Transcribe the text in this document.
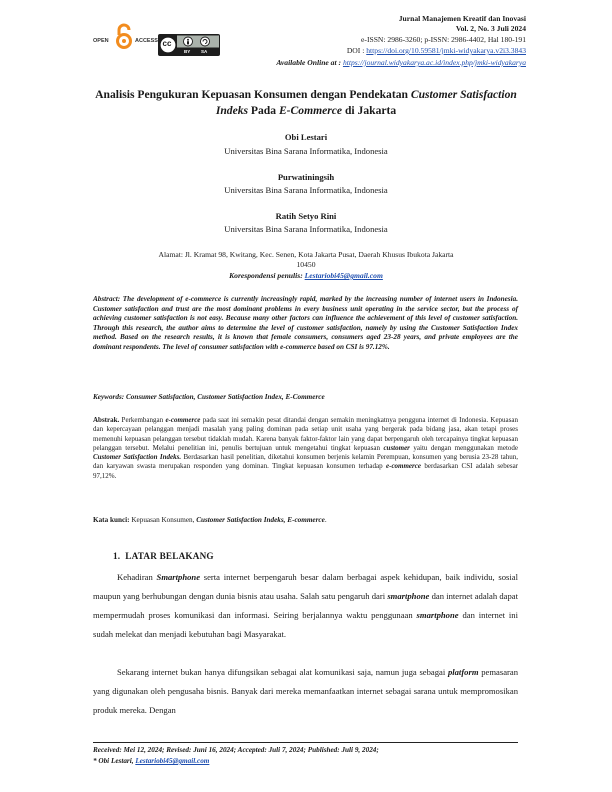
Jurnal Manajemen Kreatif dan Inovasi
Vol. 2, No. 3 Juli 2024
e-ISSN: 2986-3260; p-ISSN: 2986-4402, Hal 180-191
DOI : https://doi.org/10.59581/jmki-widyakarya.v2i3.3843
Available Online at : https://journal.widyakarya.ac.id/index.php/jmki-widyakarya
OPEN	ACCESS cc
BY SA
Analisis Pengukuran Kepuasan Konsumen dengan Pendekatan Customer Satisfaction Indeks Pada E-Commerce di Jakarta
Obi Lestari
Universitas Bina Sarana Informatika, Indonesia
Purwatiningsih
Universitas Bina Sarana Informatika, Indonesia
Ratih Setyo Rini
Universitas Bina Sarana Informatika, Indonesia
Alamat: Jl. Kramat 98, Kwitang, Kec. Senen, Kota Jakarta Pusat, Daerah Khusus Ibukota Jakarta 10450
Korespondensi penulis: Lestariobi45@gmail.com
Abstract: The development of e-commerce is currently increasingly rapid, marked by the increasing number of internet users in Indonesia. Customer satisfaction and trust are the most dominant problems in every business unit operating in the service sector, but the process of achieving customer satisfaction is not easy. Because many other factors can influence the achievement of this level of customer satisfaction. Through this research, the author aims to determine the level of customer satisfaction, namely by using the Customer Satisfaction Index method. Based on the research results, it is known that female consumers, consumers aged 23-28 years, and private employees are the dominant respondents. The level of consumer satisfaction with e-commerce based on CSI is 97.12%.
Keywords: Consumer Satisfaction, Customer Satisfaction Index, E-Commerce
Abstrak. Perkembangan e-commerce pada saat ini semakin pesat ditandai dengan semakin meningkatnya pengguna internet di Indonesia. Kepuasan dan kepercayaan pelanggan menjadi masalah yang paling dominan pada setiap unit usaha yang bergerak pada bidang jasa, akan tetapi proses memenuhi kepuasan pelanggan tersebut tidaklah mudah. Karena banyak faktor-faktor lain yang dapat berpengaruh oleh tercapainya tingkat kepuasan pelanggan tersebut. Melalui penelitian ini, penulis bertujuan untuk mengetahui tingkat kepuasan customer yaitu dengan menggunakan metode Customer Satisfaction Indeks. Berdasarkan hasil penelitian, diketahui konsumen berjenis kelamin Perempuan, konsumen yang berusia 23-28 tahun, dan karyawan swasta merupakan responden yang dominan. Tingkat kepuasan konsumen terhadap e-commerce berdasarkan CSI adalah sebesar 97,12%.
Kata kunci: Kepuasan Konsumen, Customer Satisfaction Indeks, E-commerce.
1. LATAR BELAKANG
Kehadiran Smartphone serta internet berpengaruh besar dalam berbagai aspek kehidupan, baik individu, sosial maupun yang berhubungan dengan dunia bisnis atau usaha. Salah satu pengaruh dari smartphone dan internet adalah dapat mempermudah proses komunikasi dan informasi. Seiring berjalannya waktu penggunaan smartphone dan internet ini sudah melekat dan menjadi kebutuhan bagi Masyarakat.
Sekarang internet bukan hanya difungsikan sebagai alat komunikasi saja, namun juga sebagai platform pemasaran yang digunakan oleh pengusaha bisnis. Banyak dari mereka memanfaatkan internet sebagai sarana untuk mempromosikan produk mereka. Dengan
Received: Mei 12, 2024; Revised: Juni 16, 2024; Accepted: Juli 7, 2024; Published: Juli 9, 2024;
* Obi Lestari, Lestariobi45@gmail.com
